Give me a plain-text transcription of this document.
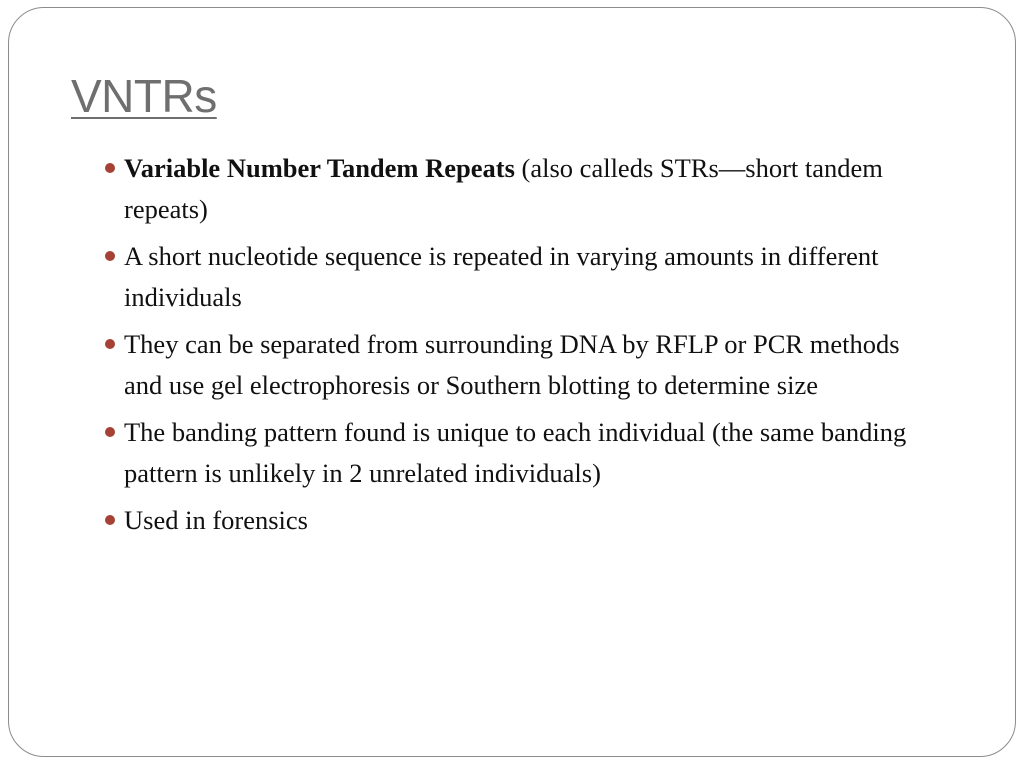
VNTRs
Variable Number Tandem Repeats (also calleds STRs—short tandem repeats)
A short nucleotide sequence is repeated in varying amounts in different individuals
They can be separated from surrounding DNA by RFLP or PCR methods and use gel electrophoresis or Southern blotting to determine size
The banding pattern found is unique to each individual (the same banding pattern is unlikely in 2 unrelated individuals)
Used in forensics
